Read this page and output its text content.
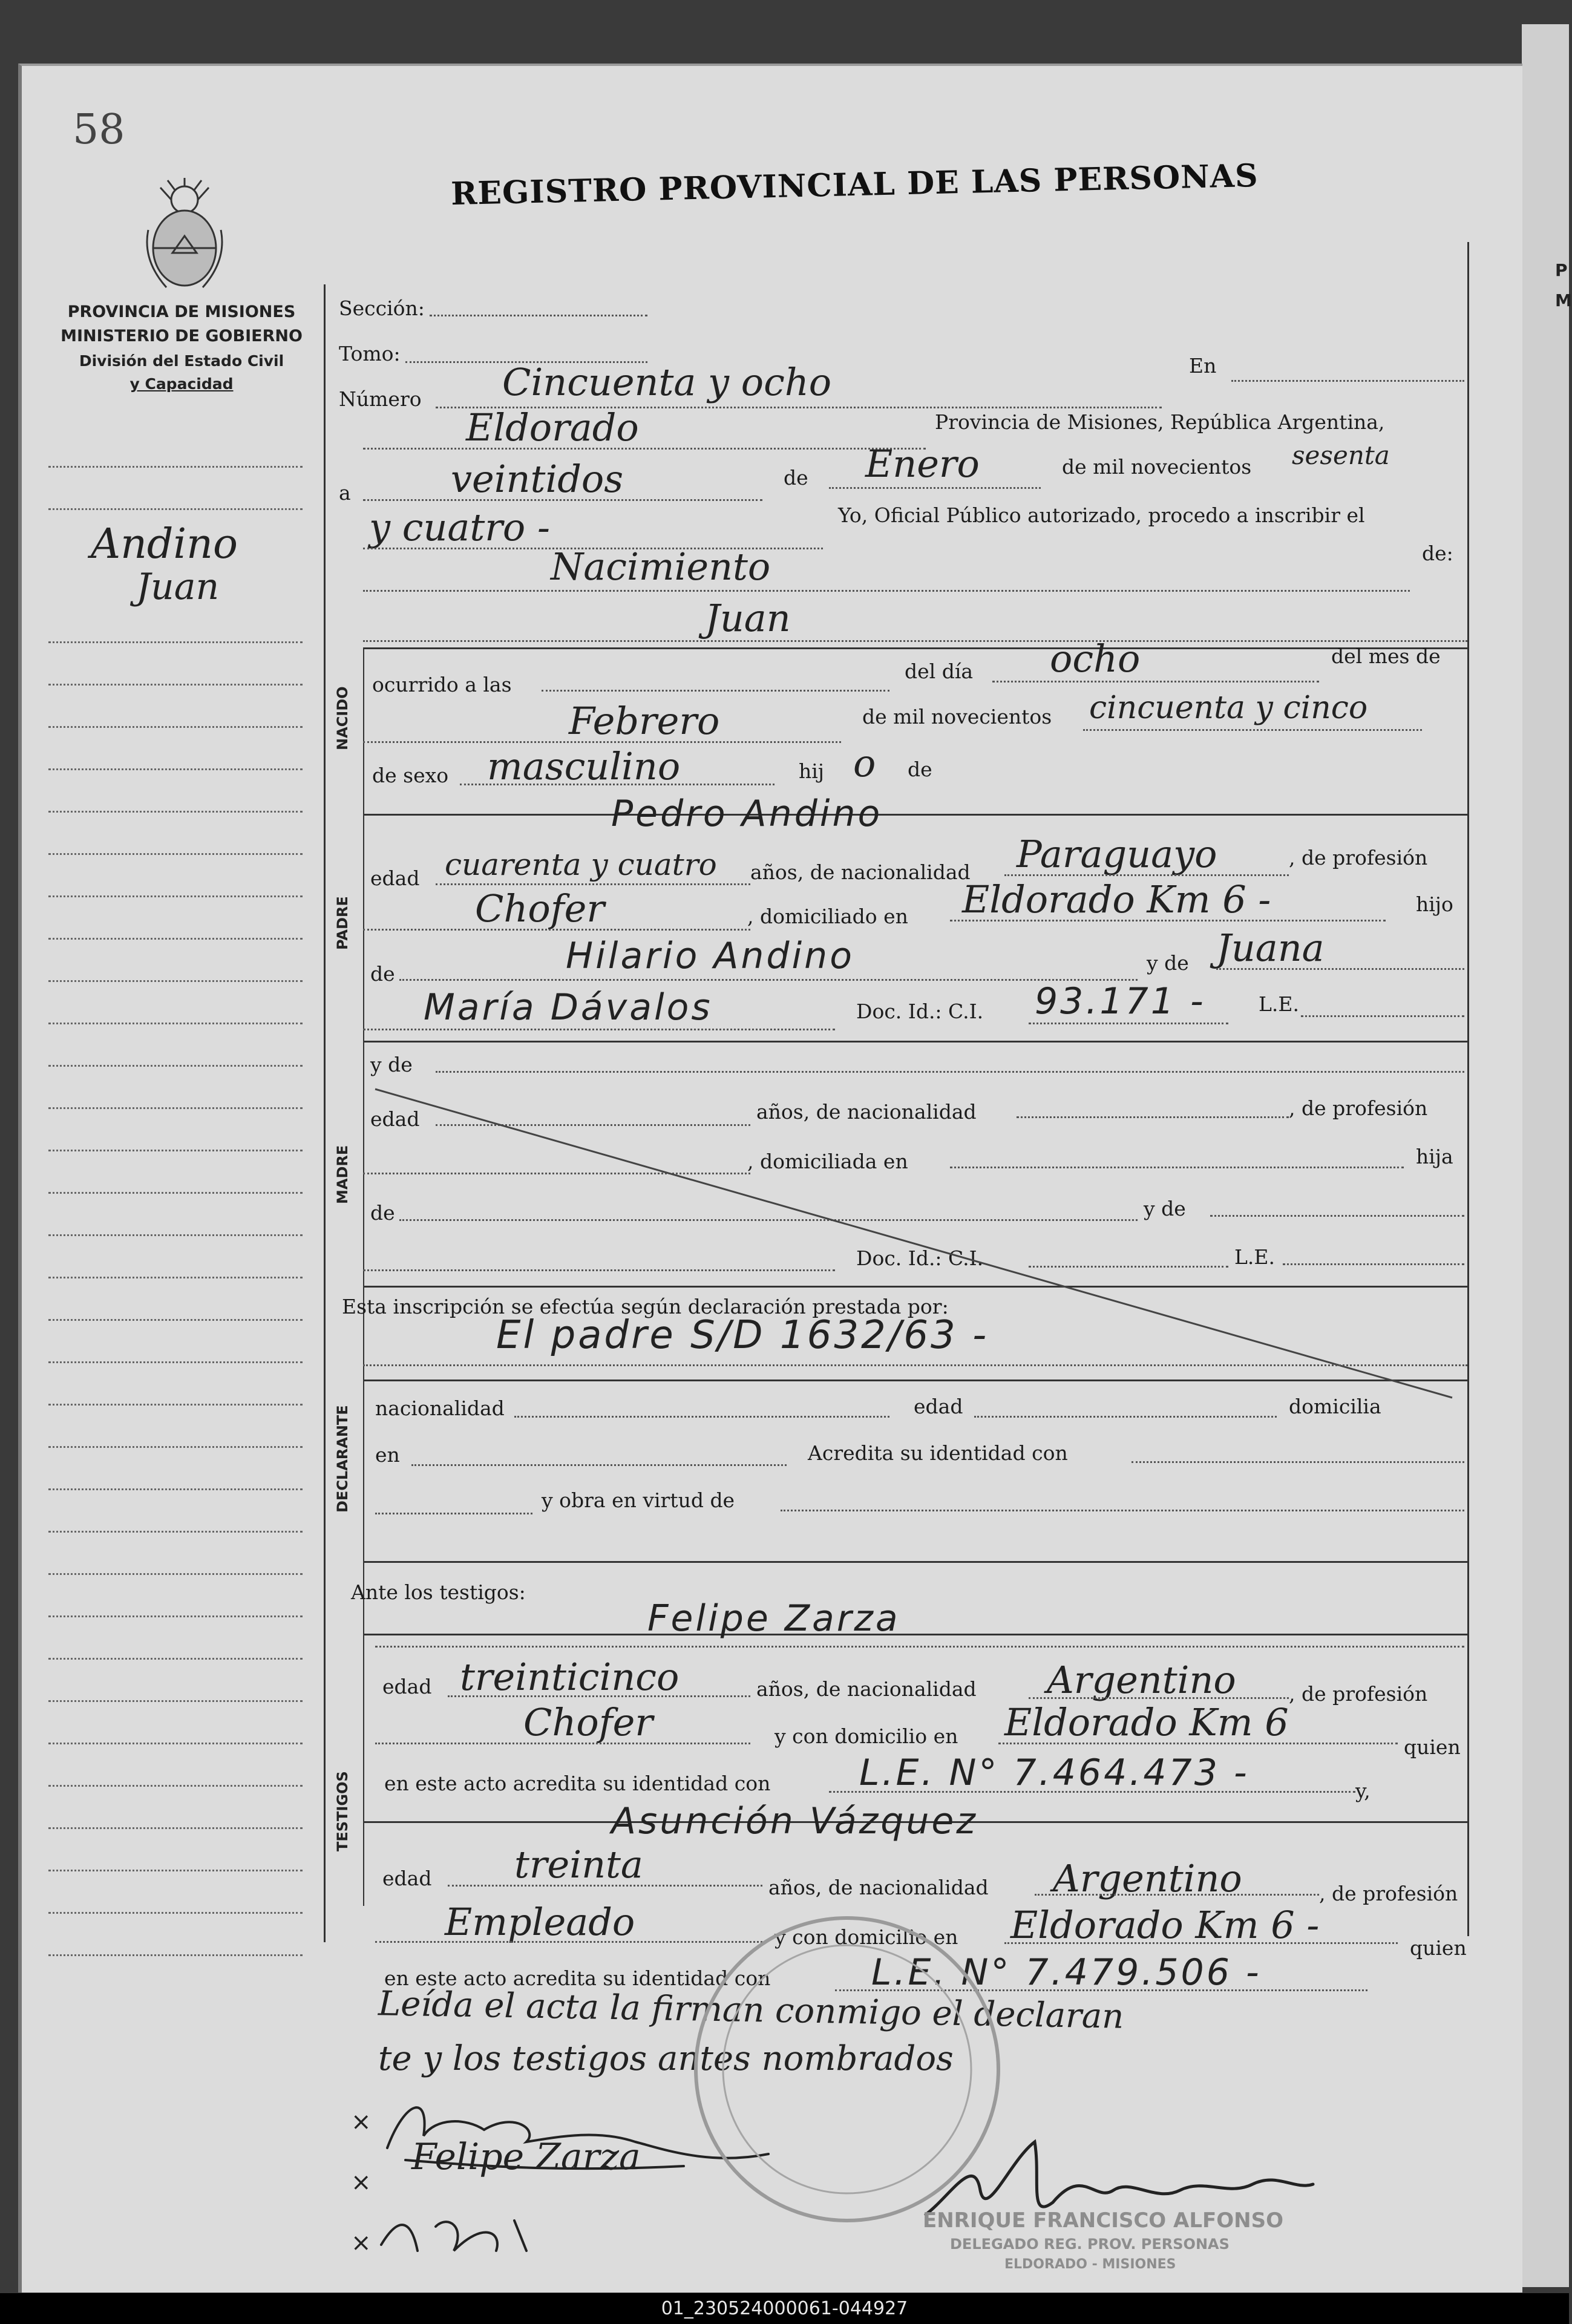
P
M
58
REGISTRO PROVINCIAL DE LAS PERSONAS
PROVINCIA DE MISIONES
MINISTERIO DE GOBIERNO
División del Estado Civil
y Capacidad
Andino
Juan
NACIDO
PADRE
MADRE
DECLARANTE
TESTIGOS
Sección:
Tomo:
Número Cincuenta y ocho	En
Eldorado	Provincia de Misiones, República Argentina,
a	veintidos	de Enero	de mil novecientos sesenta
y cuatro -	Yo, Oficial Público autorizado, procedo a inscribir el
Nacimiento	de:
Juan
ocurrido a las
del día ocho	del mes de
Febrero	de mil novecientos cincuenta y cinco
de sexo masculino	hij o de
Pedro Andino
edad cuarenta y cuatro años, de nacionalidad Paraguayo	, de profesión
Chofer	, domiciliado en Eldorado Km 6 -	hijo
de	Hilario Andino	y de Juana
María Dávalos	Doc. Id.: C.I. 93.171 -	L.E.
y de
edad	años, de nacionalidad	, de profesión
, domiciliada en	hija
de	y de
Doc. Id.: C.I.	L.E.
Esta inscripción se efectúa según declaración prestada por:
El padre S/D 1632/63 -
nacionalidad	edad	domicilia
en	Acredita su identidad con
y obra en virtud de
Ante los testigos:
Felipe Zarza
edad treinticinco	años, de nacionalidad Argentino	, de profesión
Chofer	y con domicilio en Eldorado Km 6
quien
en este acto acredita su identidad con L.E. N° 7.464.473 -	y,
Asunción Vázquez
edad treinta
años, de nacionalidad Argentino	, de profesión
Empleado	y con domicilio en Eldorado Km 6 -
quien
en este acto acredita su identidad con	L.E. N° 7.479.506 -
Leída el acta la firman conmigo el declaran
te y los testigos antes nombrados
×
×
×
Felipe Zarza
ENRIQUE FRANCISCO ALFONSO
DELEGADO REG. PROV. PERSONAS
ELDORADO - MISIONES
01_230524000061-044927
